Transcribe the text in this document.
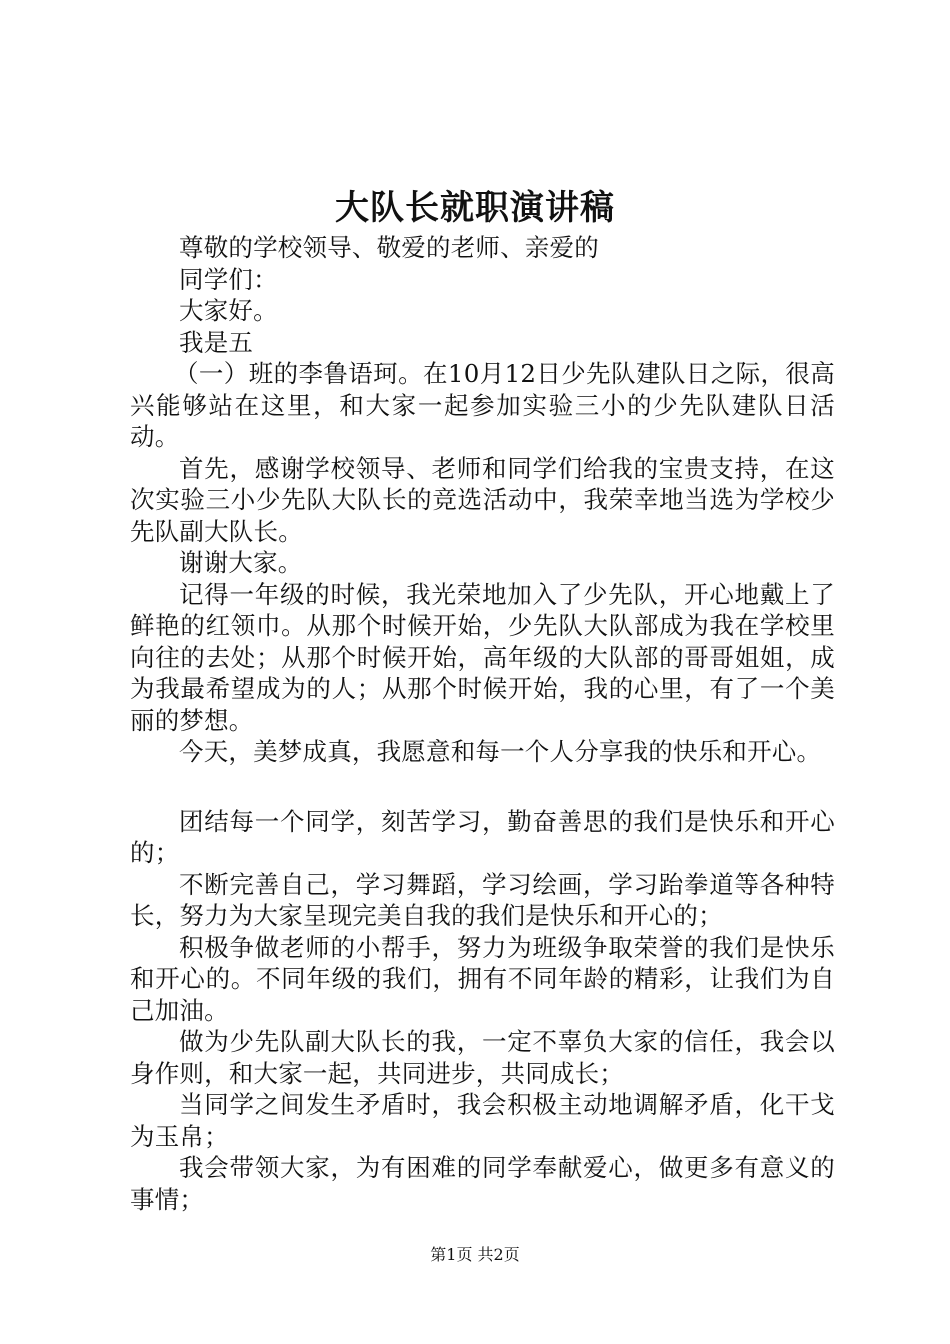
大队长就职演讲稿

尊敬的学校领导、敬爱的老师、亲爱的

同学们：

大家好。

我是五

（一）班的李鲁语珂。在10月12日少先队建队日之际，很高兴能够站在这里，和大家一起参加实验三小的少先队建队日活动。

首先，感谢学校领导、老师和同学们给我的宝贵支持，在这次实验三小少先队大队长的竞选活动中，我荣幸地当选为学校少先队副大队长。

谢谢大家。

记得一年级的时候，我光荣地加入了少先队，开心地戴上了鲜艳的红领巾。从那个时候开始，少先队大队部成为我在学校里向往的去处；从那个时候开始，高年级的大队部的哥哥姐姐，成为我最希望成为的人；从那个时候开始，我的心里，有了一个美丽的梦想。

今天，美梦成真，我愿意和每一个人分享我的快乐和开心。

团结每一个同学，刻苦学习，勤奋善思的我们是快乐和开心的；

不断完善自己，学习舞蹈，学习绘画，学习跆拳道等各种特长，努力为大家呈现完美自我的我们是快乐和开心的；

积极争做老师的小帮手，努力为班级争取荣誉的我们是快乐和开心的。不同年级的我们，拥有不同年龄的精彩，让我们为自己加油。

做为少先队副大队长的我，一定不辜负大家的信任，我会以身作则，和大家一起，共同进步，共同成长；

当同学之间发生矛盾时，我会积极主动地调解矛盾，化干戈为玉帛；

我会带领大家，为有困难的同学奉献爱心，做更多有意义的事情；

第1页 共2页
